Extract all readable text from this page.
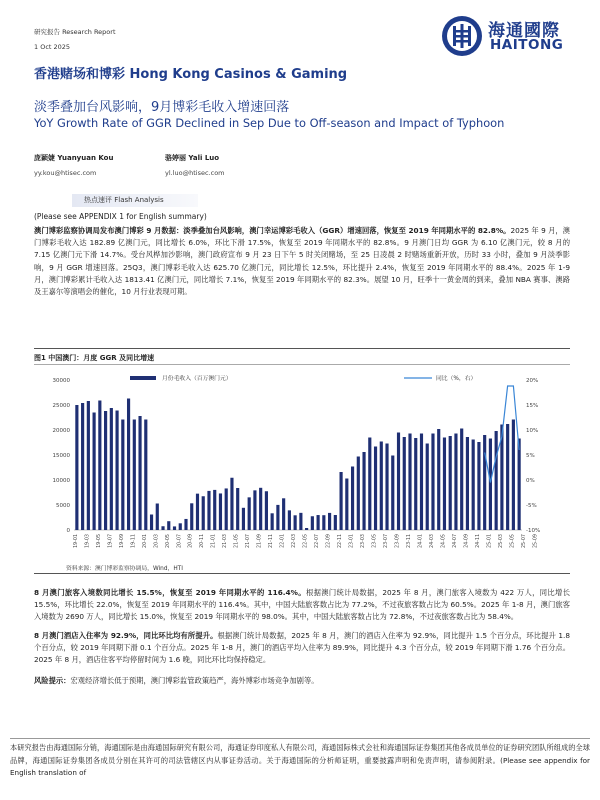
研究报告 Research Report
1 Oct 2025
海通國際
HAITONG
香港赌场和博彩 Hong Kong Casinos & Gaming
淡季叠加台风影响，9月博彩毛收入增速回落
YoY Growth Rate of GGR Declined in Sep Due to Off-season and Impact of Typhoon
庞颖婕 Yuanyuan Kou
yy.kou@htisec.com
骆婷丽 Yali Luo
yl.luo@htisec.com
热点速评 Flash Analysis
(Please see APPENDIX 1 for English summary)
澳门博彩监察协调局发布澳门博彩 9 月数据：淡季叠加台风影响，澳门幸运博彩毛收入（GGR）增速回落，恢复至 2019 年同期水平的 82.8%。2025 年 9 月，澳门博彩毛收入达 182.89 亿澳门元，同比增长 6.0%，环比下滑 17.5%，恢复至 2019 年同期水平的 82.8%。9 月澳门日均 GGR 为 6.10 亿澳门元，较 8 月的 7.15 亿澳门元下滑 14.7%。受台风桦加沙影响，澳门政府宣布 9 月 23 日下午 5 时关闭赌场，至 25 日凌晨 2 时赌场重新开放，历时 33 小时，叠加 9 月淡季影响，9 月 GGR 增速回落。25Q3，澳门博彩毛收入达 625.70 亿澳门元，同比增长 12.5%，环比提升 2.4%，恢复至 2019 年同期水平的 88.4%。2025 年 1-9 月，澳门博彩累计毛收入达 1813.41 亿澳门元，同比增长 7.1%，恢复至 2019 年同期水平的 82.3%。展望 10 月，旺季十一黄金周的到来，叠加 NBA 赛事、澳路及王嘉尔等演唱会的催化，10 月行业表现可期。
图1 中国澳门：月度 GGR 及同比增速
月份毛收入（百万澳门元）	同比（%，右）
0
5000
10000
15000
20000
25000
30000
-10%
-5%
0%
5%
10%
15%
20%
19-01 19-03 19-05 19-07 19-09 19-11 20-01 20-03 20-05 20-07 20-09 20-11 21-01 21-03 21-05 21-07 21-09 21-11 22-01 22-03 22-05 22-07 22-09 22-11 23-01 23-03 23-05 23-07 23-09 23-11 24-01 24-03 24-05 24-07 24-09 24-11 25-01 25-03 25-05 25-07 25-09
资料来源：澳门博彩监察协调局，Wind，HTI
8 月澳门旅客入境数同比增长 15.5%，恢复至 2019 年同期水平的 116.4%。根据澳门统计局数据，2025 年 8 月，澳门旅客入境数为 422 万人，同比增长 15.5%，环比增长 22.0%，恢复至 2019 年同期水平的 116.4%。其中，中国大陆旅客数占比为 77.2%，不过夜旅客数占比为 60.5%。2025 年 1-8 月，澳门旅客入境数为 2690 万人，同比增长 15.0%，恢复至 2019 年同期水平的 98.0%。其中，中国大陆旅客数占比为 72.8%，不过夜旅客数占比为 58.4%。
8 月澳门酒店入住率为 92.9%，同比环比均有所提升。根据澳门统计局数据，2025 年 8 月，澳门的酒店入住率为 92.9%，同比提升 1.5 个百分点，环比提升 1.8 个百分点，较 2019 年同期下滑 0.1 个百分点。2025 年 1-8 月，澳门的酒店平均入住率为 89.9%，同比提升 4.3 个百分点，较 2019 年同期下滑 1.76 个百分点。2025 年 8 月，酒店住客平均停留时间为 1.6 晚，同比环比均保持稳定。
风险提示：宏观经济增长低于预期，澳门博彩监管政策趋严，海外博彩市场竞争加剧等。
本研究报告由海通国际分销，海通国际是由海通国际研究有限公司，海通证券印度私人有限公司，海通国际株式会社和海通国际证券集团其他各成员单位的证券研究团队所组成的全球品牌，海通国际证券集团各成员分别在其许可的司法管辖区内从事证券活动。关于海通国际的分析师证明，重要披露声明和免责声明，请参阅附录。(Please see appendix for English translation of
